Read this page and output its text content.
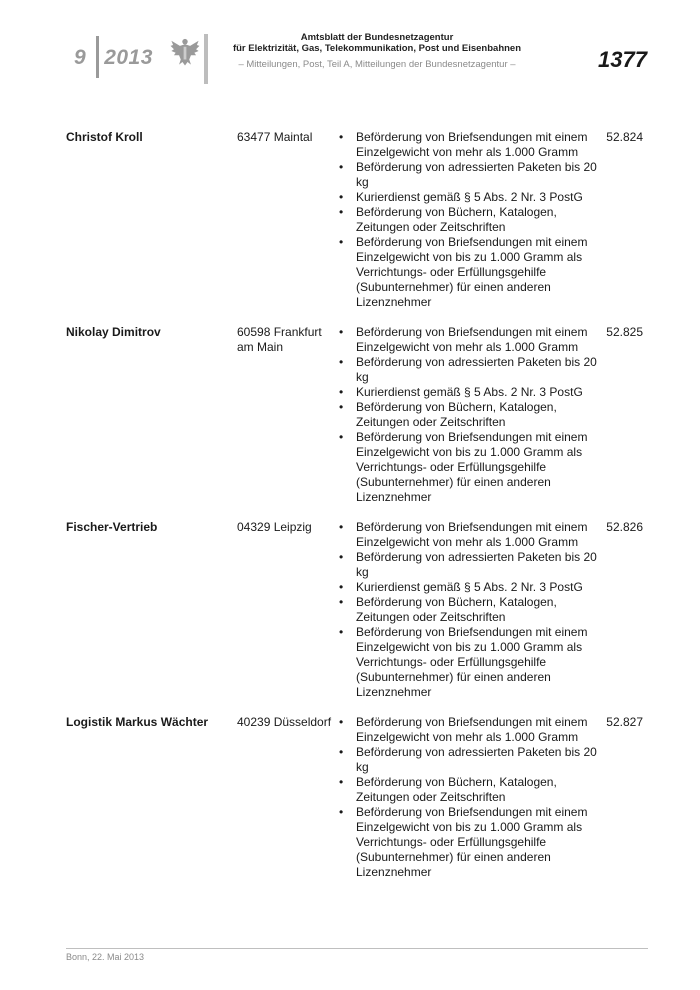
9 2013
Amtsblatt der Bundesnetzagentur
für Elektrizität, Gas, Telekommunikation, Post und Eisenbahnen
– Mitteilungen, Post, Teil A, Mitteilungen der Bundesnetzagentur –	1377
Christof Kroll	63477 Maintal	• Beförderung von Briefsendungen mit einem Einzelgewicht von mehr als 1.000 Gramm
• Beförderung von adressierten Paketen bis 20 kg
• Kurierdienst gemäß § 5 Abs. 2 Nr. 3 PostG
• Beförderung von Büchern, Katalogen, Zeitungen oder Zeitschriften
• Beförderung von Briefsendungen mit einem Einzelgewicht von bis zu 1.000 Gramm als Verrichtungs- oder Erfüllungsgehilfe (Subunternehmer) für einen anderen Lizenznehmer
52.824
Nikolay Dimitrov	60598 Frankfurt am Main
• Beförderung von Briefsendungen mit einem Einzelgewicht von mehr als 1.000 Gramm
• Beförderung von adressierten Paketen bis 20 kg
• Kurierdienst gemäß § 5 Abs. 2 Nr. 3 PostG
• Beförderung von Büchern, Katalogen, Zeitungen oder Zeitschriften
• Beförderung von Briefsendungen mit einem Einzelgewicht von bis zu 1.000 Gramm als Verrichtungs- oder Erfüllungsgehilfe (Subunternehmer) für einen anderen Lizenznehmer
52.825
Fischer-Vertrieb	04329 Leipzig	• Beförderung von Briefsendungen mit einem Einzelgewicht von mehr als 1.000 Gramm
• Beförderung von adressierten Paketen bis 20 kg
• Kurierdienst gemäß § 5 Abs. 2 Nr. 3 PostG
• Beförderung von Büchern, Katalogen, Zeitungen oder Zeitschriften
• Beförderung von Briefsendungen mit einem Einzelgewicht von bis zu 1.000 Gramm als Verrichtungs- oder Erfüllungsgehilfe (Subunternehmer) für einen anderen Lizenznehmer
52.826
Logistik Markus Wächter	40239 Düsseldorf • Beförderung von Briefsendungen mit einem Einzelgewicht von mehr als 1.000 Gramm
• Beförderung von adressierten Paketen bis 20 kg
• Beförderung von Büchern, Katalogen, Zeitungen oder Zeitschriften
• Beförderung von Briefsendungen mit einem Einzelgewicht von bis zu 1.000 Gramm als Verrichtungs- oder Erfüllungsgehilfe (Subunternehmer) für einen anderen Lizenznehmer
52.827
Bonn, 22. Mai 2013
